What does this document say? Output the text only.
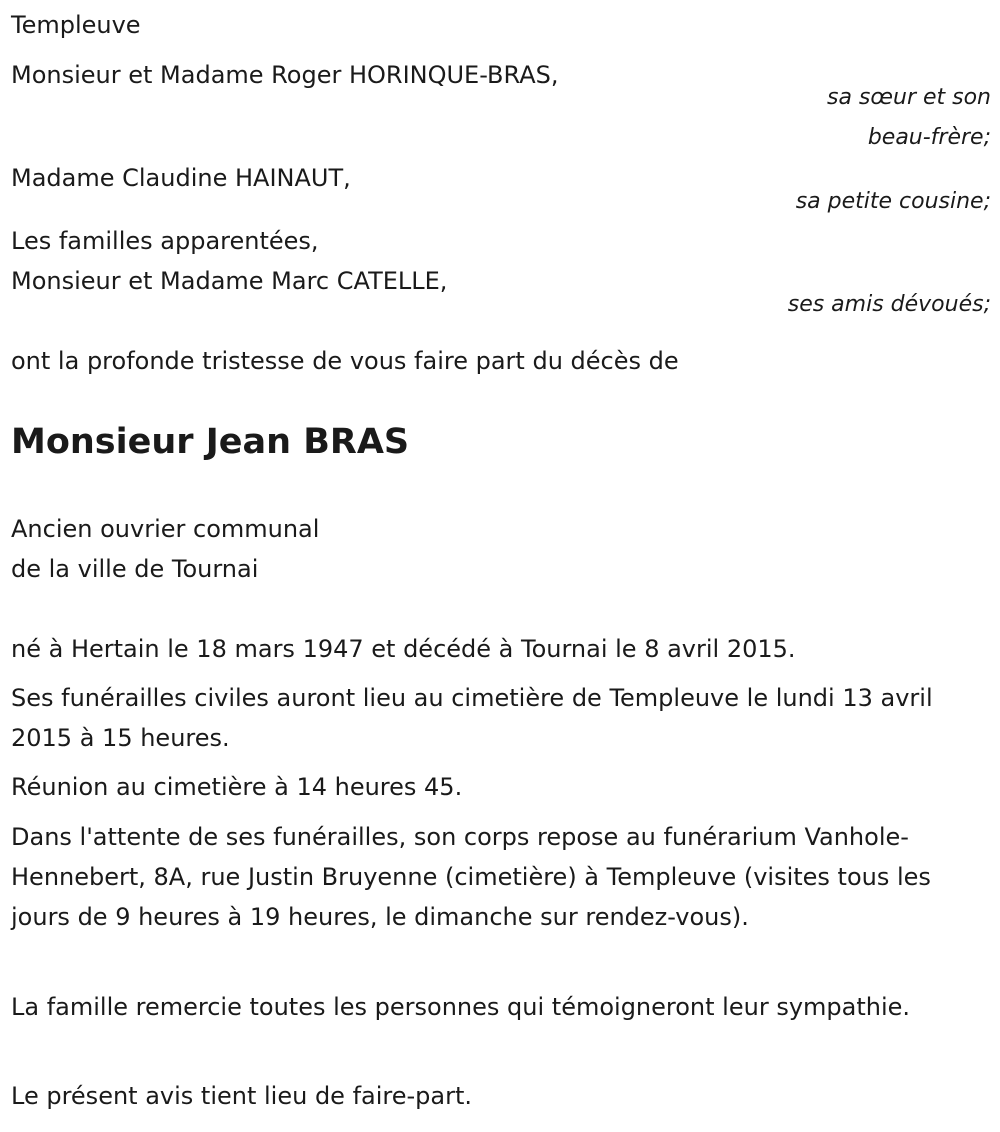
Templeuve
Monsieur et Madame Roger HORINQUE-BRAS,
sa sœur et son
beau-frère;
Madame Claudine HAINAUT,
sa petite cousine;
Les familles apparentées,
Monsieur et Madame Marc CATELLE,
ses amis dévoués;
ont la profonde tristesse de vous faire part du décès de
Monsieur Jean BRAS
Ancien ouvrier communal
de la ville de Tournai

né à Hertain le 18 mars 1947 et décédé à Tournai le 8 avril 2015.

Ses funérailles civiles auront lieu au cimetière de Templeuve le lundi 13 avril 2015 à 15 heures.

Réunion au cimetière à 14 heures 45.

Dans l'attente de ses funérailles, son corps repose au funérarium Vanhole-Hennebert, 8A, rue Justin Bruyenne (cimetière) à Templeuve (visites tous les jours de 9 heures à 19 heures, le dimanche sur rendez-vous).

La famille remercie toutes les personnes qui témoigneront leur sympathie.

Le présent avis tient lieu de faire-part.
